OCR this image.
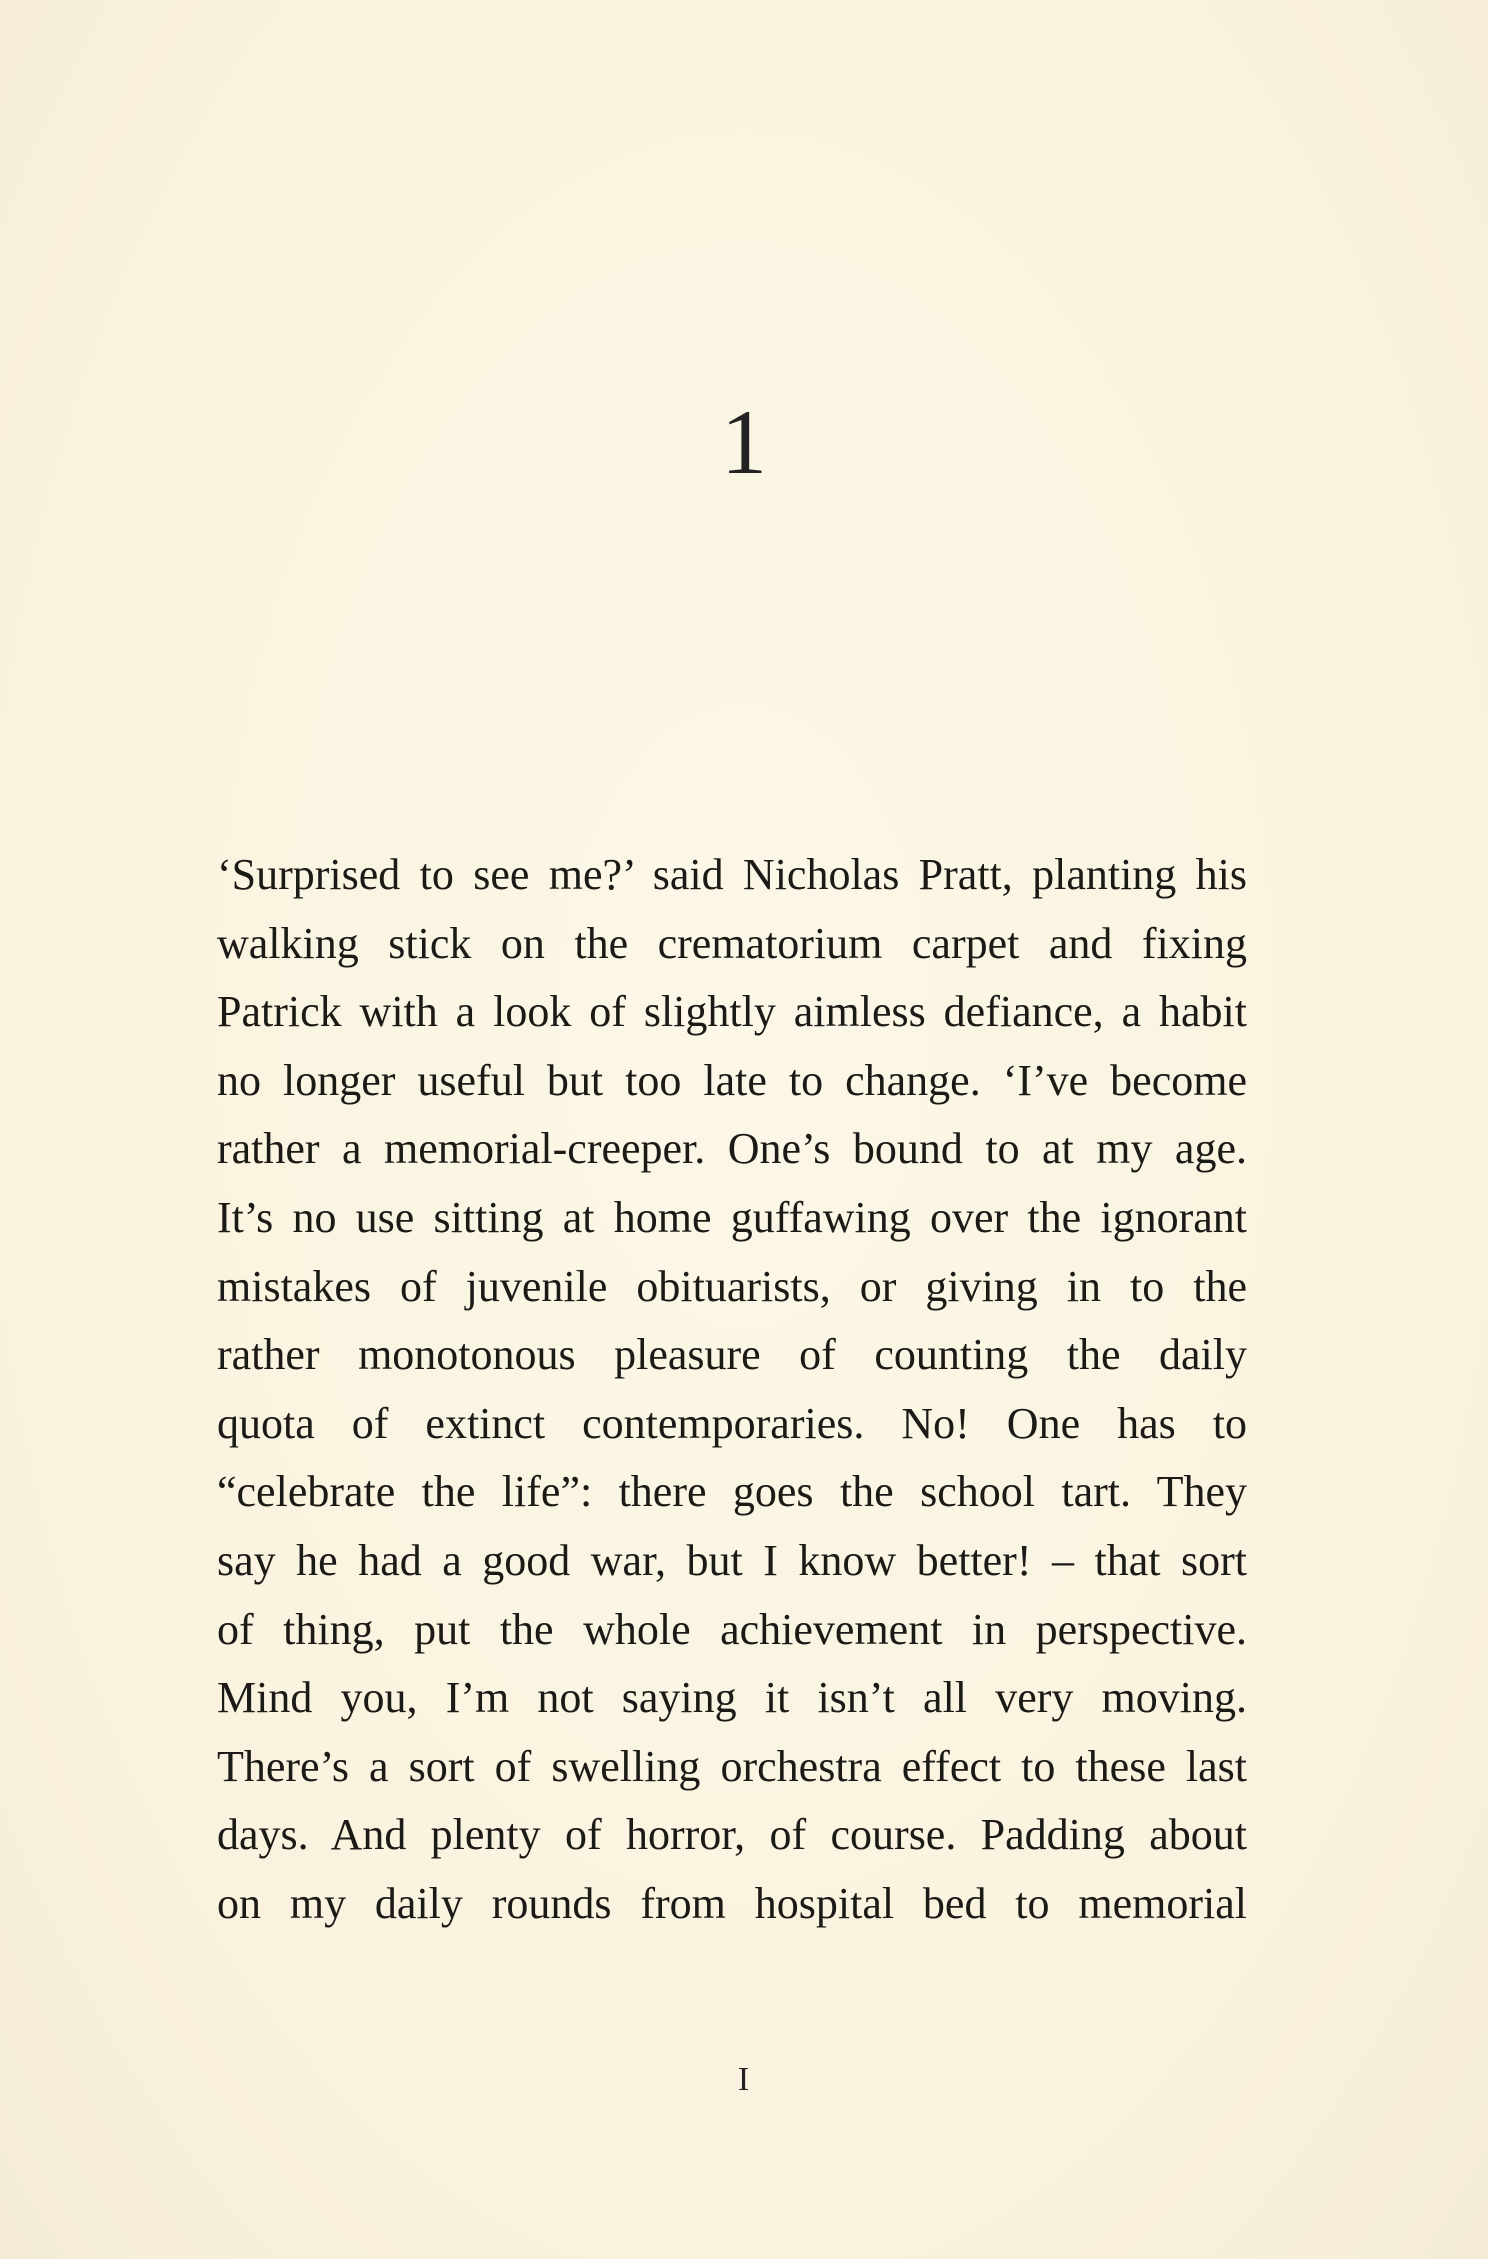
1
‘Surprised to see me?’ said Nicholas Pratt, planting his
walking stick on the crematorium carpet and fixing
Patrick with a look of slightly aimless defiance, a habit
no longer useful but too late to change. ‘I’ve become
rather a memorial-creeper. One’s bound to at my age.
It’s no use sitting at home guffawing over the ignorant
mistakes of juvenile obituarists, or giving in to the
rather monotonous pleasure of counting the daily
quota of extinct contemporaries. No! One has to
“celebrate the life”: there goes the school tart. They
say he had a good war, but I know better! – that sort
of thing, put the whole achievement in perspective.
Mind you, I’m not saying it isn’t all very moving.
There’s a sort of swelling orchestra effect to these last
days. And plenty of horror, of course. Padding about
on my daily rounds from hospital bed to memorial
I
